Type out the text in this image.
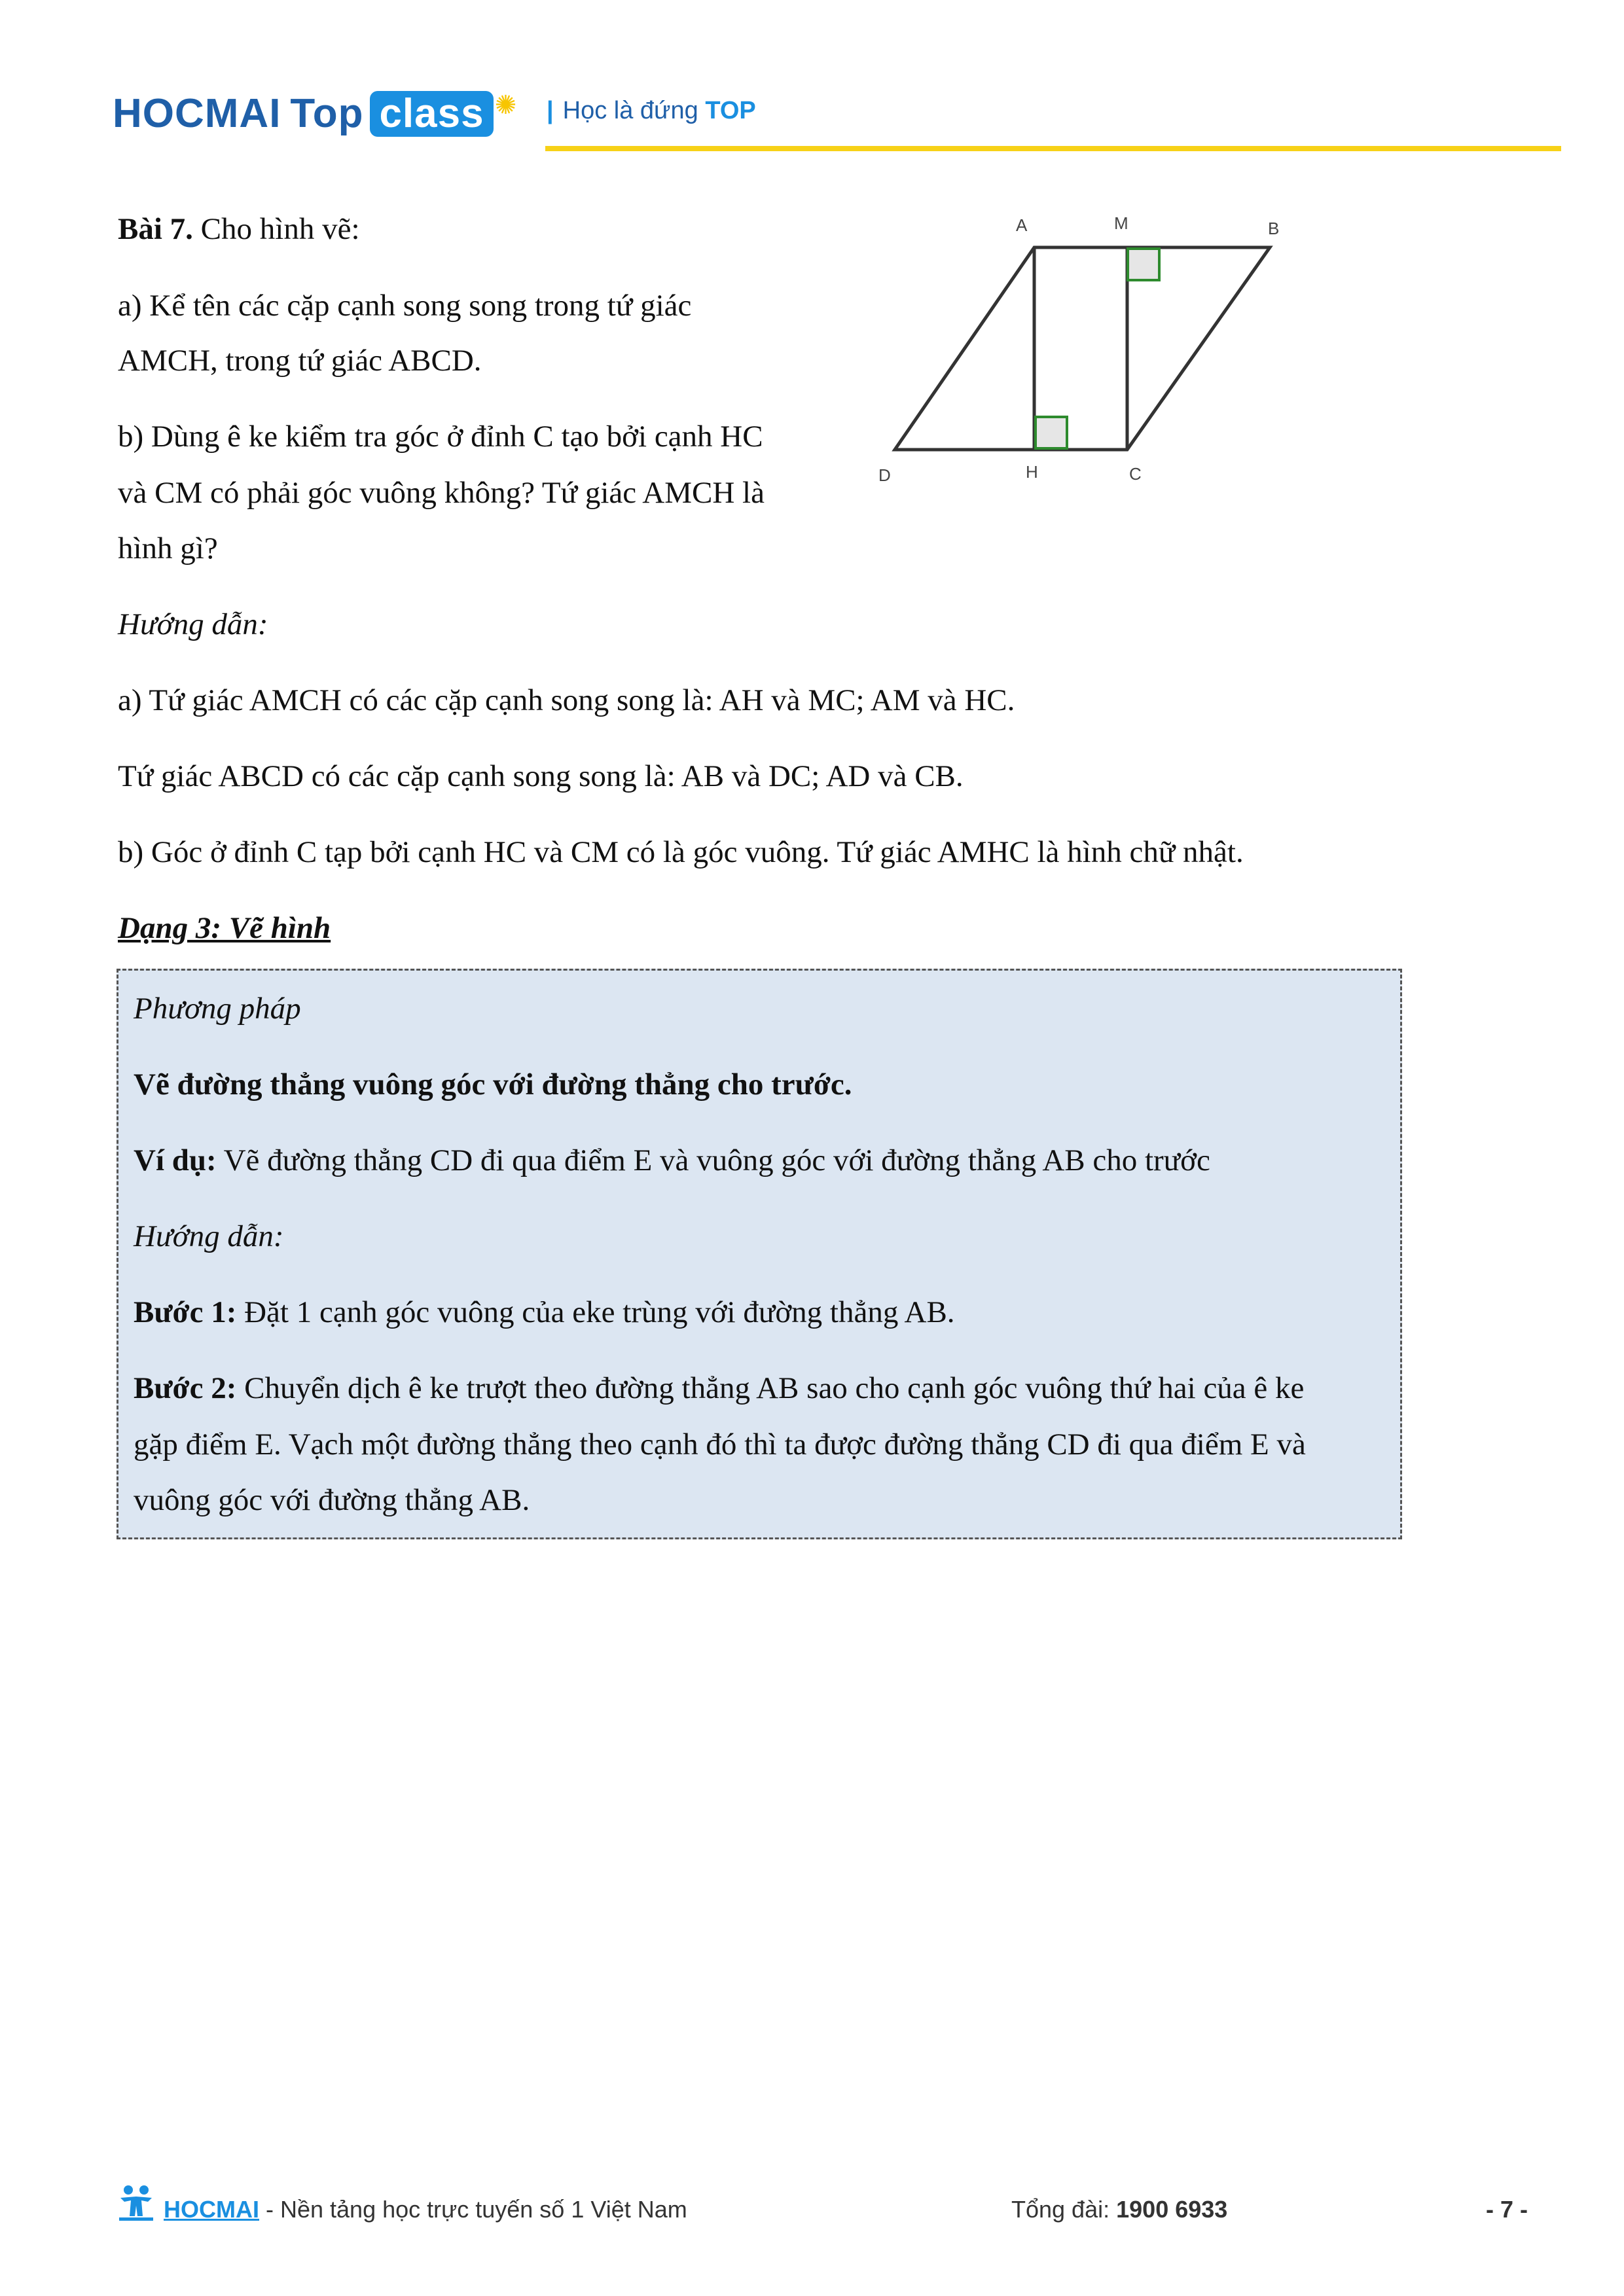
HOCMAI Top class ✺ | Học là đứng TOP
Bài 7. Cho hình vẽ:
a) Kể tên các cặp cạnh song song trong tứ giác
AMCH, trong tứ giác ABCD.
b) Dùng ê ke kiểm tra góc ở đỉnh C tạo bởi cạnh HC
và CM có phải góc vuông không? Tứ giác AMCH là
hình gì?
A	M	B
D	H	C
Hướng dẫn:
a) Tứ giác AMCH có các cặp cạnh song song là: AH và MC; AM và HC.
Tứ giác ABCD có các cặp cạnh song song là: AB và DC; AD và CB.
b) Góc ở đỉnh C tạp bởi cạnh HC và CM có là góc vuông. Tứ giác AMHC là hình chữ nhật.
Dạng 3: Vẽ hình
Phương pháp
Vẽ đường thẳng vuông góc với đường thẳng cho trước.
Ví dụ: Vẽ đường thẳng CD đi qua điểm E và vuông góc với đường thẳng AB cho trước
Hướng dẫn:
Bước 1: Đặt 1 cạnh góc vuông của eke trùng với đường thẳng AB.
Bước 2: Chuyển dịch ê ke trượt theo đường thẳng AB sao cho cạnh góc vuông thứ hai của ê ke
gặp điểm E. Vạch một đường thẳng theo cạnh đó thì ta được đường thẳng CD đi qua điểm E và
vuông góc với đường thẳng AB.
HOCMAI - Nền tảng học trực tuyến số 1 Việt Nam	Tổng đài: 1900 6933	- 7 -
